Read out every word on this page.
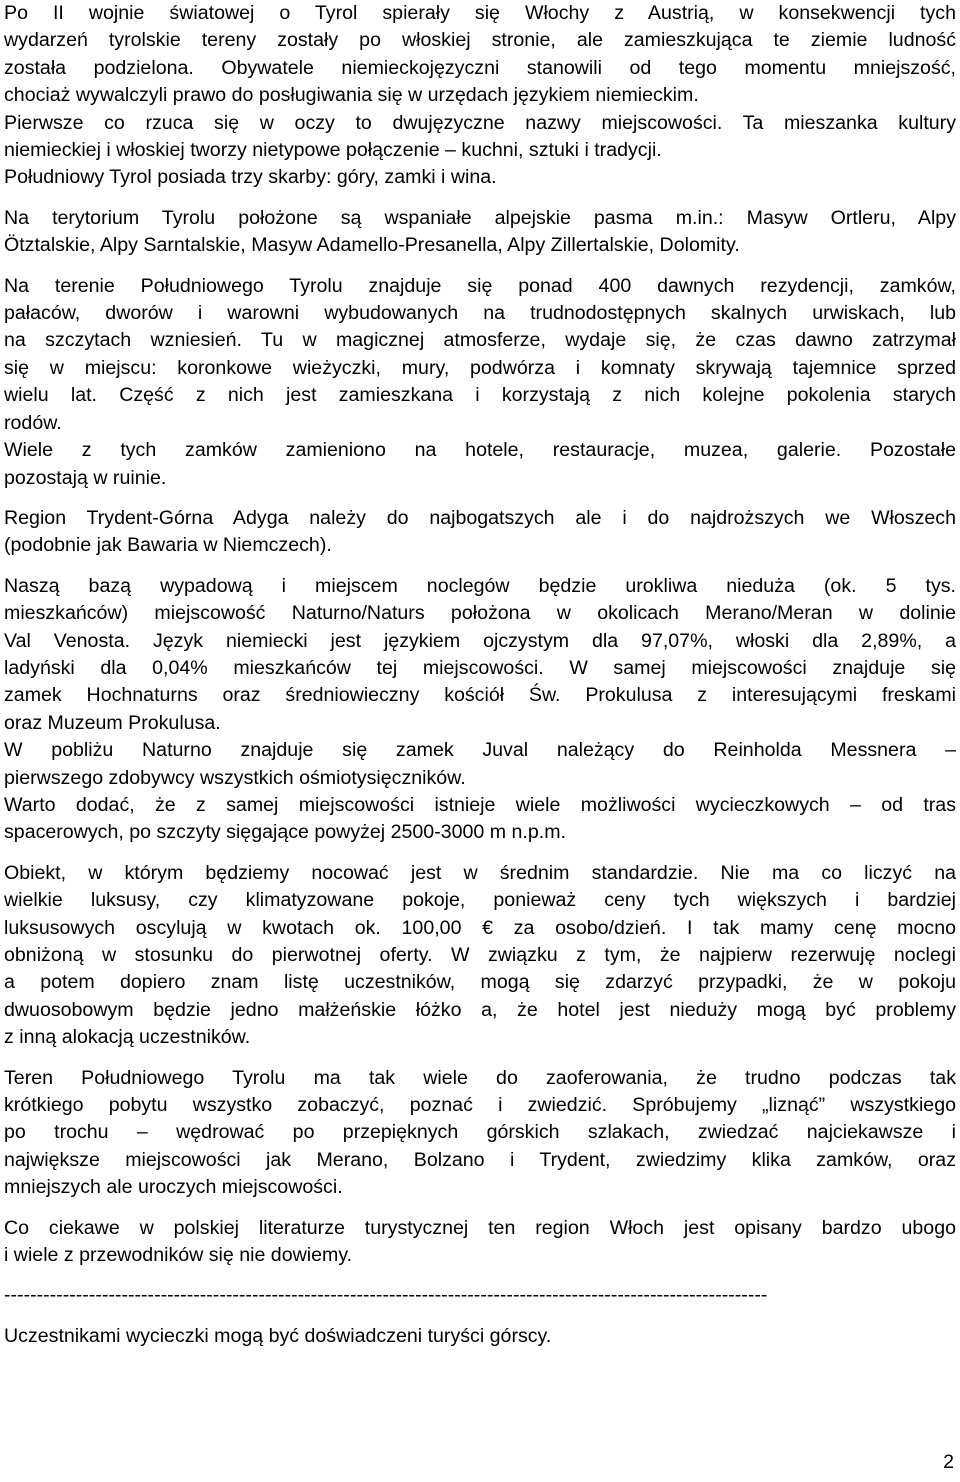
Po II wojnie światowej o Tyrol spierały się Włochy z Austrią, w konsekwencji tych

wydarzeń tyrolskie tereny zostały po włoskiej stronie, ale zamieszkująca te ziemie ludność

została podzielona. Obywatele niemieckojęzyczni stanowili od tego momentu mniejszość,

chociaż wywalczyli prawo do posługiwania się w urzędach językiem niemieckim.

Pierwsze co rzuca się w oczy to dwujęzyczne nazwy miejscowości. Ta mieszanka kultury

niemieckiej i włoskiej tworzy nietypowe połączenie – kuchni, sztuki i tradycji.

Południowy Tyrol posiada trzy skarby: góry, zamki i wina.

Na terytorium Tyrolu położone są wspaniałe alpejskie pasma m.in.: Masyw Ortleru, Alpy

Ötztalskie, Alpy Sarntalskie, Masyw Adamello-Presanella, Alpy Zillertalskie, Dolomity.

Na terenie Południowego Tyrolu znajduje się ponad 400 dawnych rezydencji, zamków,

pałaców, dworów i warowni wybudowanych na trudnodostępnych skalnych urwiskach, lub

na szczytach wzniesień. Tu w magicznej atmosferze, wydaje się, że czas dawno zatrzymał

się w miejscu: koronkowe wieżyczki, mury, podwórza i komnaty skrywają tajemnice sprzed

wielu lat. Część z nich jest zamieszkana i korzystają z nich kolejne pokolenia starych

rodów.

Wiele z tych zamków zamieniono na hotele, restauracje, muzea, galerie. Pozostałe

pozostają w ruinie.

Region Trydent-Górna Adyga należy do najbogatszych ale i do najdroższych we Włoszech

(podobnie jak Bawaria w Niemczech).

Naszą bazą wypadową i miejscem noclegów będzie urokliwa nieduża (ok. 5 tys.

mieszkańców) miejscowość Naturno/Naturs położona w okolicach Merano/Meran w dolinie

Val Venosta. Język niemiecki jest językiem ojczystym dla 97,07%, włoski dla 2,89%, a

ladyński dla 0,04% mieszkańców tej miejscowości. W samej miejscowości znajduje się

zamek Hochnaturns oraz średniowieczny kościół Św. Prokulusa z interesującymi freskami

oraz Muzeum Prokulusa.

W pobliżu Naturno znajduje się zamek Juval należący do Reinholda Messnera –

pierwszego zdobywcy wszystkich ośmiotysięczników.

Warto dodać, że z samej miejscowości istnieje wiele możliwości wycieczkowych – od tras

spacerowych, po szczyty sięgające powyżej 2500-3000 m n.p.m.

Obiekt, w którym będziemy nocować jest w średnim standardzie. Nie ma co liczyć na

wielkie luksusy, czy klimatyzowane pokoje, ponieważ ceny tych większych i bardziej

luksusowych oscylują w kwotach ok. 100,00 € za osobo/dzień. I tak mamy cenę mocno

obniżoną w stosunku do pierwotnej oferty. W związku z tym, że najpierw rezerwuję noclegi

a potem dopiero znam listę uczestników, mogą się zdarzyć przypadki, że w pokoju

dwuosobowym będzie jedno małżeńskie łóżko a, że hotel jest nieduży mogą być problemy

z inną alokacją uczestników.

Teren Południowego Tyrolu ma tak wiele do zaoferowania, że trudno podczas tak

krótkiego pobytu wszystko zobaczyć, poznać i zwiedzić. Spróbujemy „liznąć” wszystkiego

po trochu – wędrować po przepięknych górskich szlakach, zwiedzać najciekawsze i

największe miejscowości jak Merano, Bolzano i Trydent, zwiedzimy klika zamków, oraz

mniejszych ale uroczych miejscowości.

Co ciekawe w polskiej literaturze turystycznej ten region Włoch jest opisany bardzo ubogo

i wiele z przewodników się nie dowiemy.

---------------------------------------------------------------------------------------------------------------------

Uczestnikami wycieczki mogą być doświadczeni turyści górscy.

2
